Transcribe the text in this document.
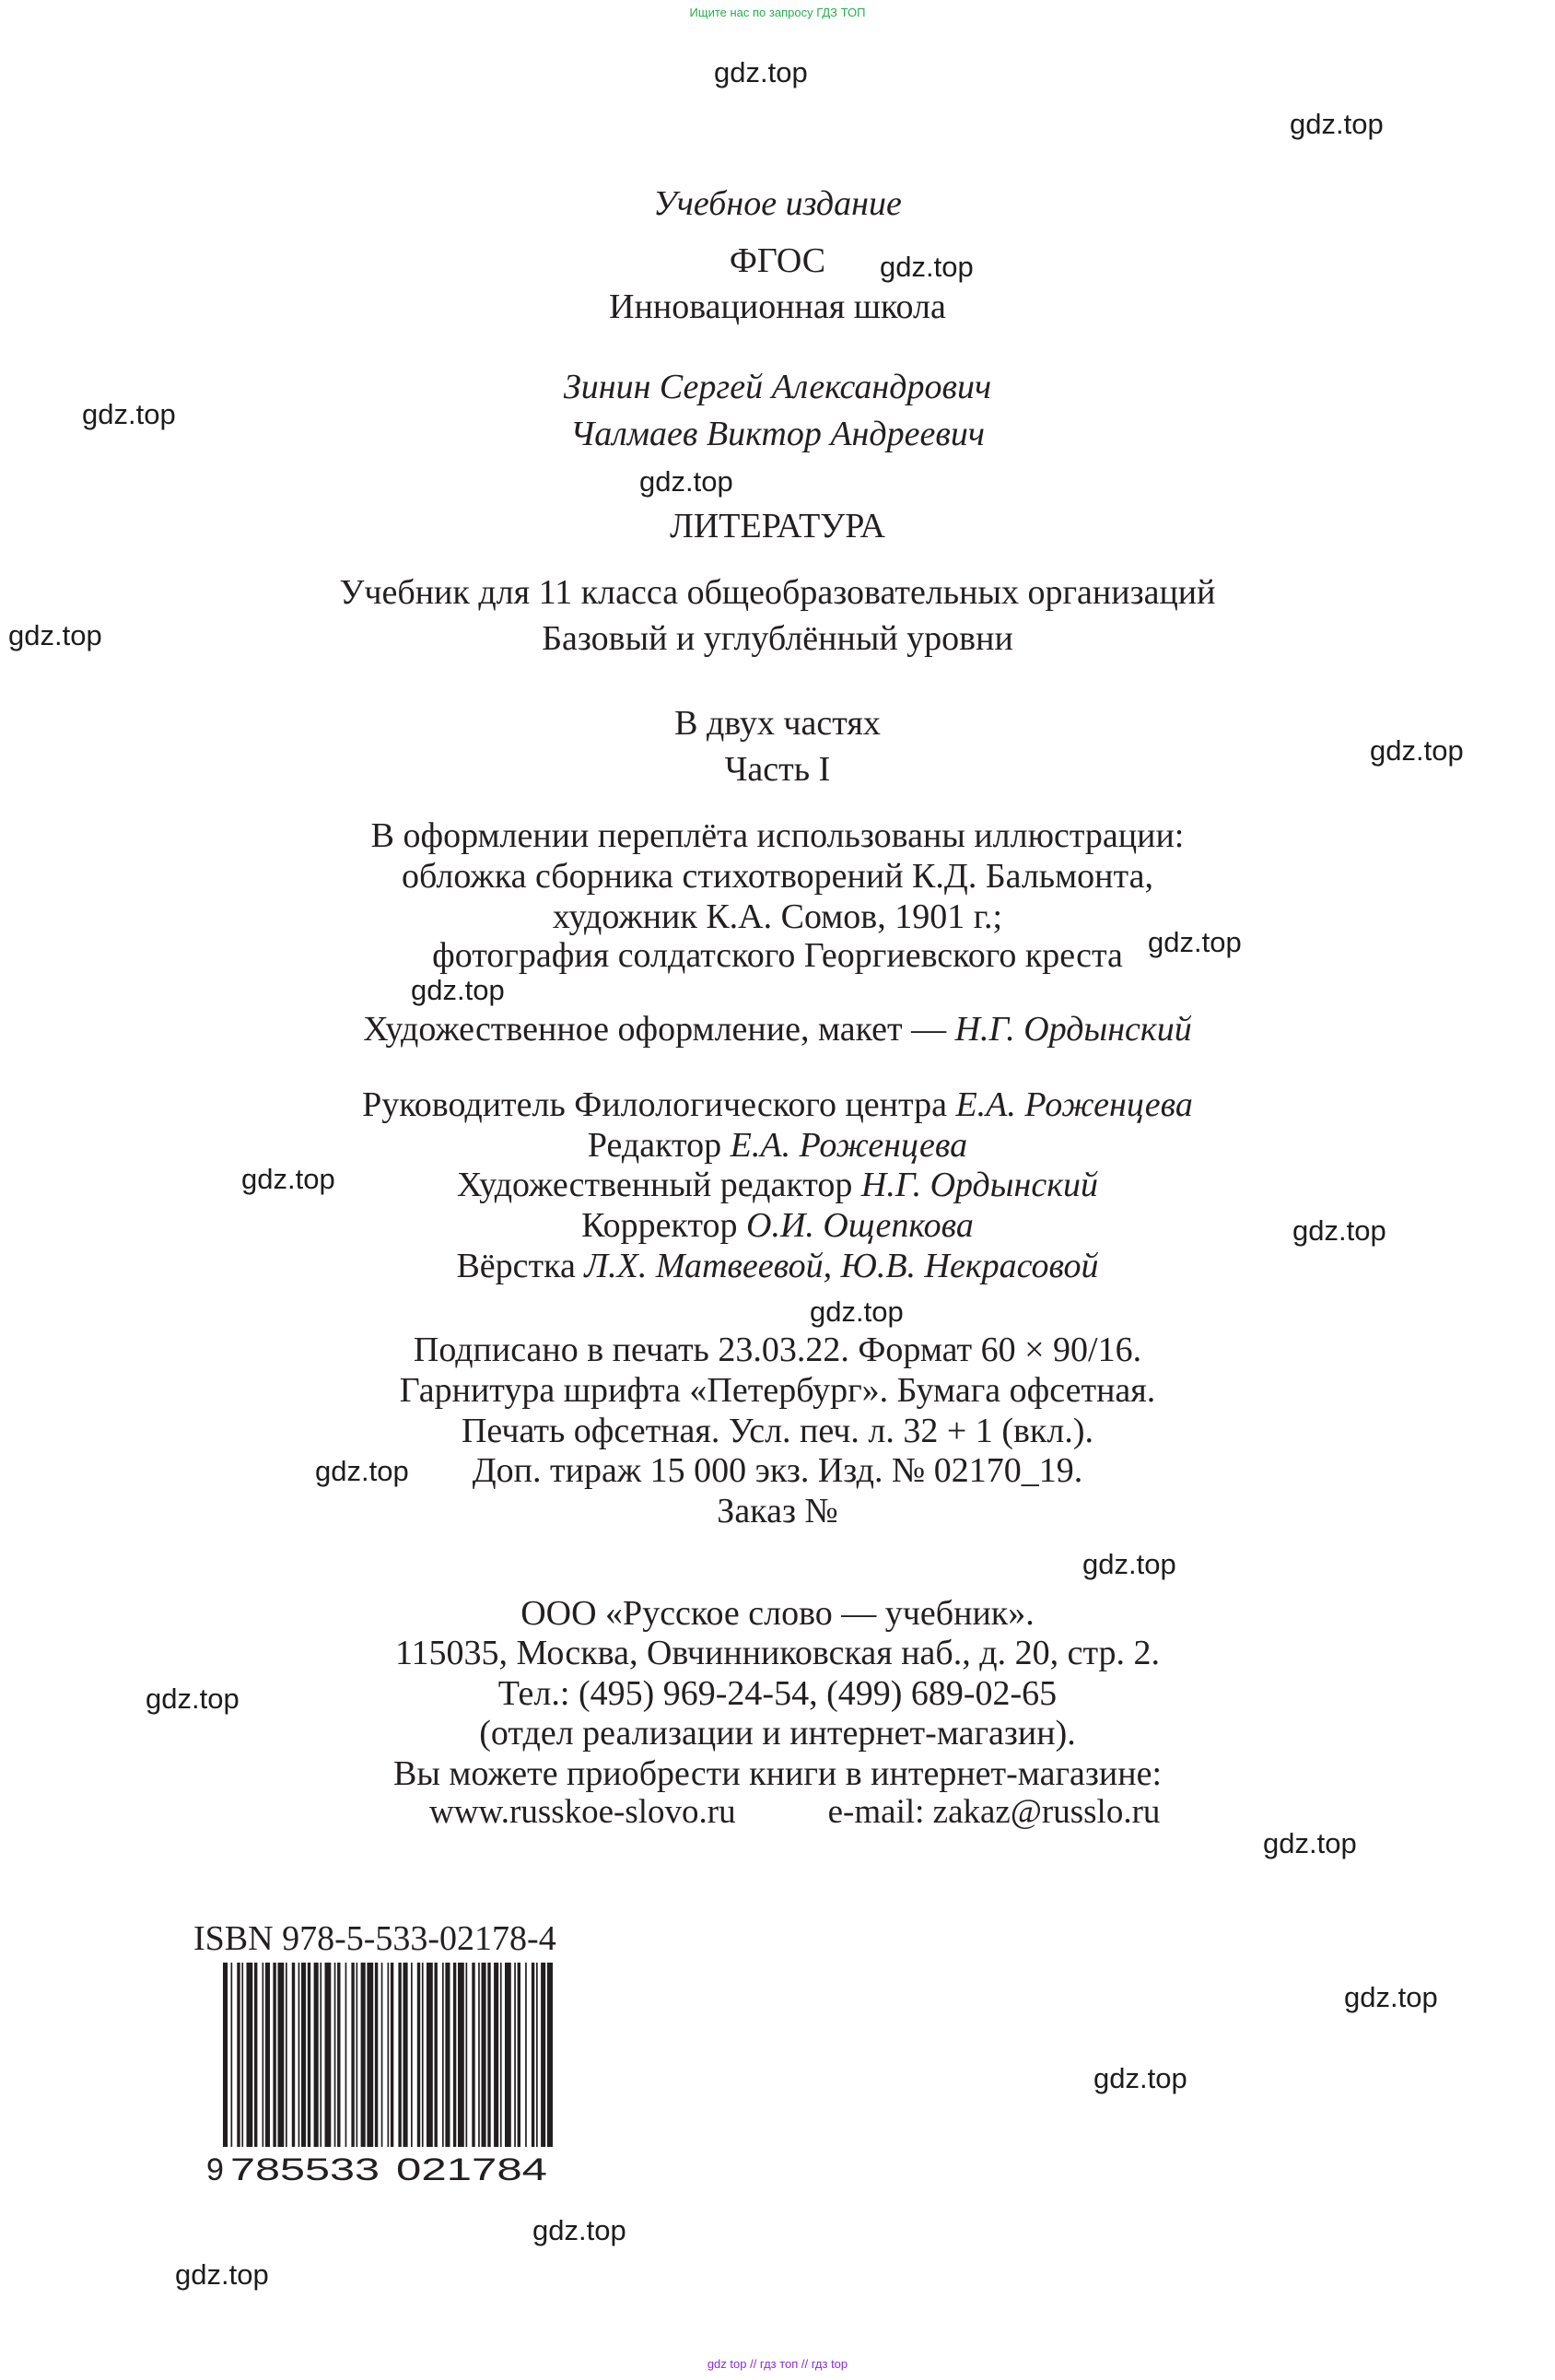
Ищите нас по запросу ГДЗ ТОП
Учебное издание
ФГОС
Инновационная школа
Зинин Сергей Александрович
Чалмаев Виктор Андреевич
ЛИТЕРАТУРА
Учебник для 11 класса общеобразовательных организаций
Базовый и углублённый уровни
В двух частях
Часть I
В оформлении переплёта использованы иллюстрации:
обложка сборника стихотворений К.Д. Бальмонта,
художник К.А. Сомов, 1901 г.;
фотография солдатского Георгиевского креста
Художественное оформление, макет — Н.Г. Ордынский
Руководитель Филологического центра Е.А. Роженцева
Редактор Е.А. Роженцева
Художественный редактор Н.Г. Ордынский
Корректор О.И. Ощепкова
Вёрстка Л.Х. Матвеевой, Ю.В. Некрасовой
Подписано в печать 23.03.22. Формат 60 × 90/16.
Гарнитура шрифта «Петербург». Бумага офсетная.
Печать офсетная. Усл. печ. л. 32 + 1 (вкл.).
Доп. тираж 15 000 экз. Изд. № 02170_19.
Заказ №
ООО «Русское слово — учебник».
115035, Москва, Овчинниковская наб., д. 20, стр. 2.
Тел.: (495) 969-24-54, (499) 689-02-65
(отдел реализации и интернет-магазин).
Вы можете приобрести книги в интернет-магазине:
www.russkoe-slovo.ru	e-mail: zakaz@russlo.ru
ISBN 978-5-533-02178-4
9 785533 021784
gdz.top
gdz.top
gdz.top
gdz.top
gdz.top
gdz.top
gdz.top
gdz.top
gdz.top
gdz.top
gdz.top
gdz.top
gdz.top
gdz.top
gdz.top
gdz.top
gdz.top
gdz.top
gdz.top
gdz.top
gdz top // гдз топ // гдз top
